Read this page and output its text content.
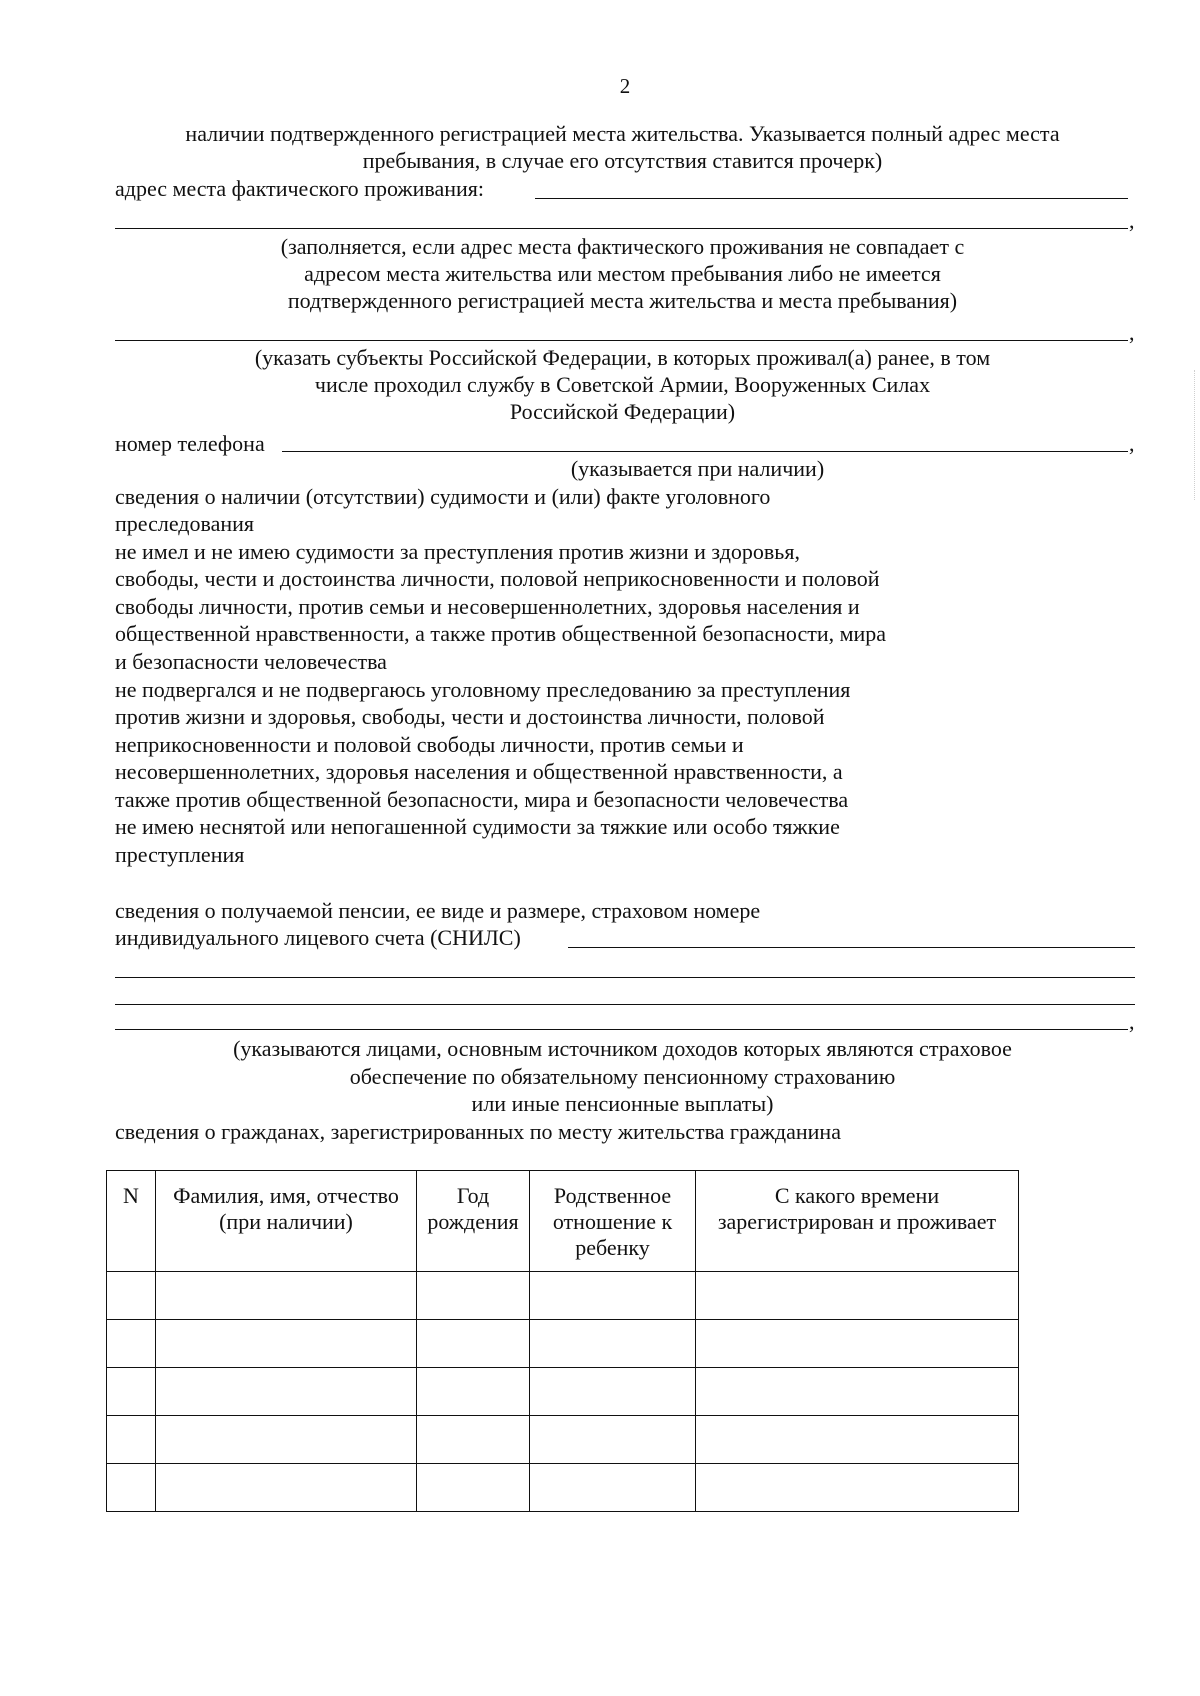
2
наличии подтвержденного регистрацией места жительства. Указывается полный адрес места
пребывания, в случае его отсутствия ставится прочерк)
адрес места фактического проживания:
,
(заполняется, если адрес места фактического проживания не совпадает с
адресом места жительства или местом пребывания либо не имеется
подтвержденного регистрацией места жительства и места пребывания)
,
(указать субъекты Российской Федерации, в которых проживал(а) ранее, в том
числе проходил службу в Советской Армии, Вооруженных Силах
Российской Федерации)
номер телефона	,
(указывается при наличии)
сведения о наличии (отсутствии) судимости и (или) факте уголовного
преследования
не имел и не имею судимости за преступления против жизни и здоровья,
свободы, чести и достоинства личности, половой неприкосновенности и половой
свободы личности, против семьи и несовершеннолетних, здоровья населения и
общественной нравственности, а также против общественной безопасности, мира
и безопасности человечества
не подвергался и не подвергаюсь уголовному преследованию за преступления
против жизни и здоровья, свободы, чести и достоинства личности, половой
неприкосновенности и половой свободы личности, против семьи и
несовершеннолетних, здоровья населения и общественной нравственности, а
также против общественной безопасности, мира и безопасности человечества
не имею неснятой или непогашенной судимости за тяжкие или особо тяжкие
преступления
сведения о получаемой пенсии, ее виде и размере, страховом номере
индивидуального лицевого счета (СНИЛС)
,
(указываются лицами, основным источником доходов которых являются страховое
обеспечение по обязательному пенсионному страхованию
или иные пенсионные выплаты)
сведения о гражданах, зарегистрированных по месту жительства гражданина
N	Фамилия, имя, отчество (при наличии)	Год рождения	Родственное отношение к ребенку	С какого времени зарегистрирован и проживает
